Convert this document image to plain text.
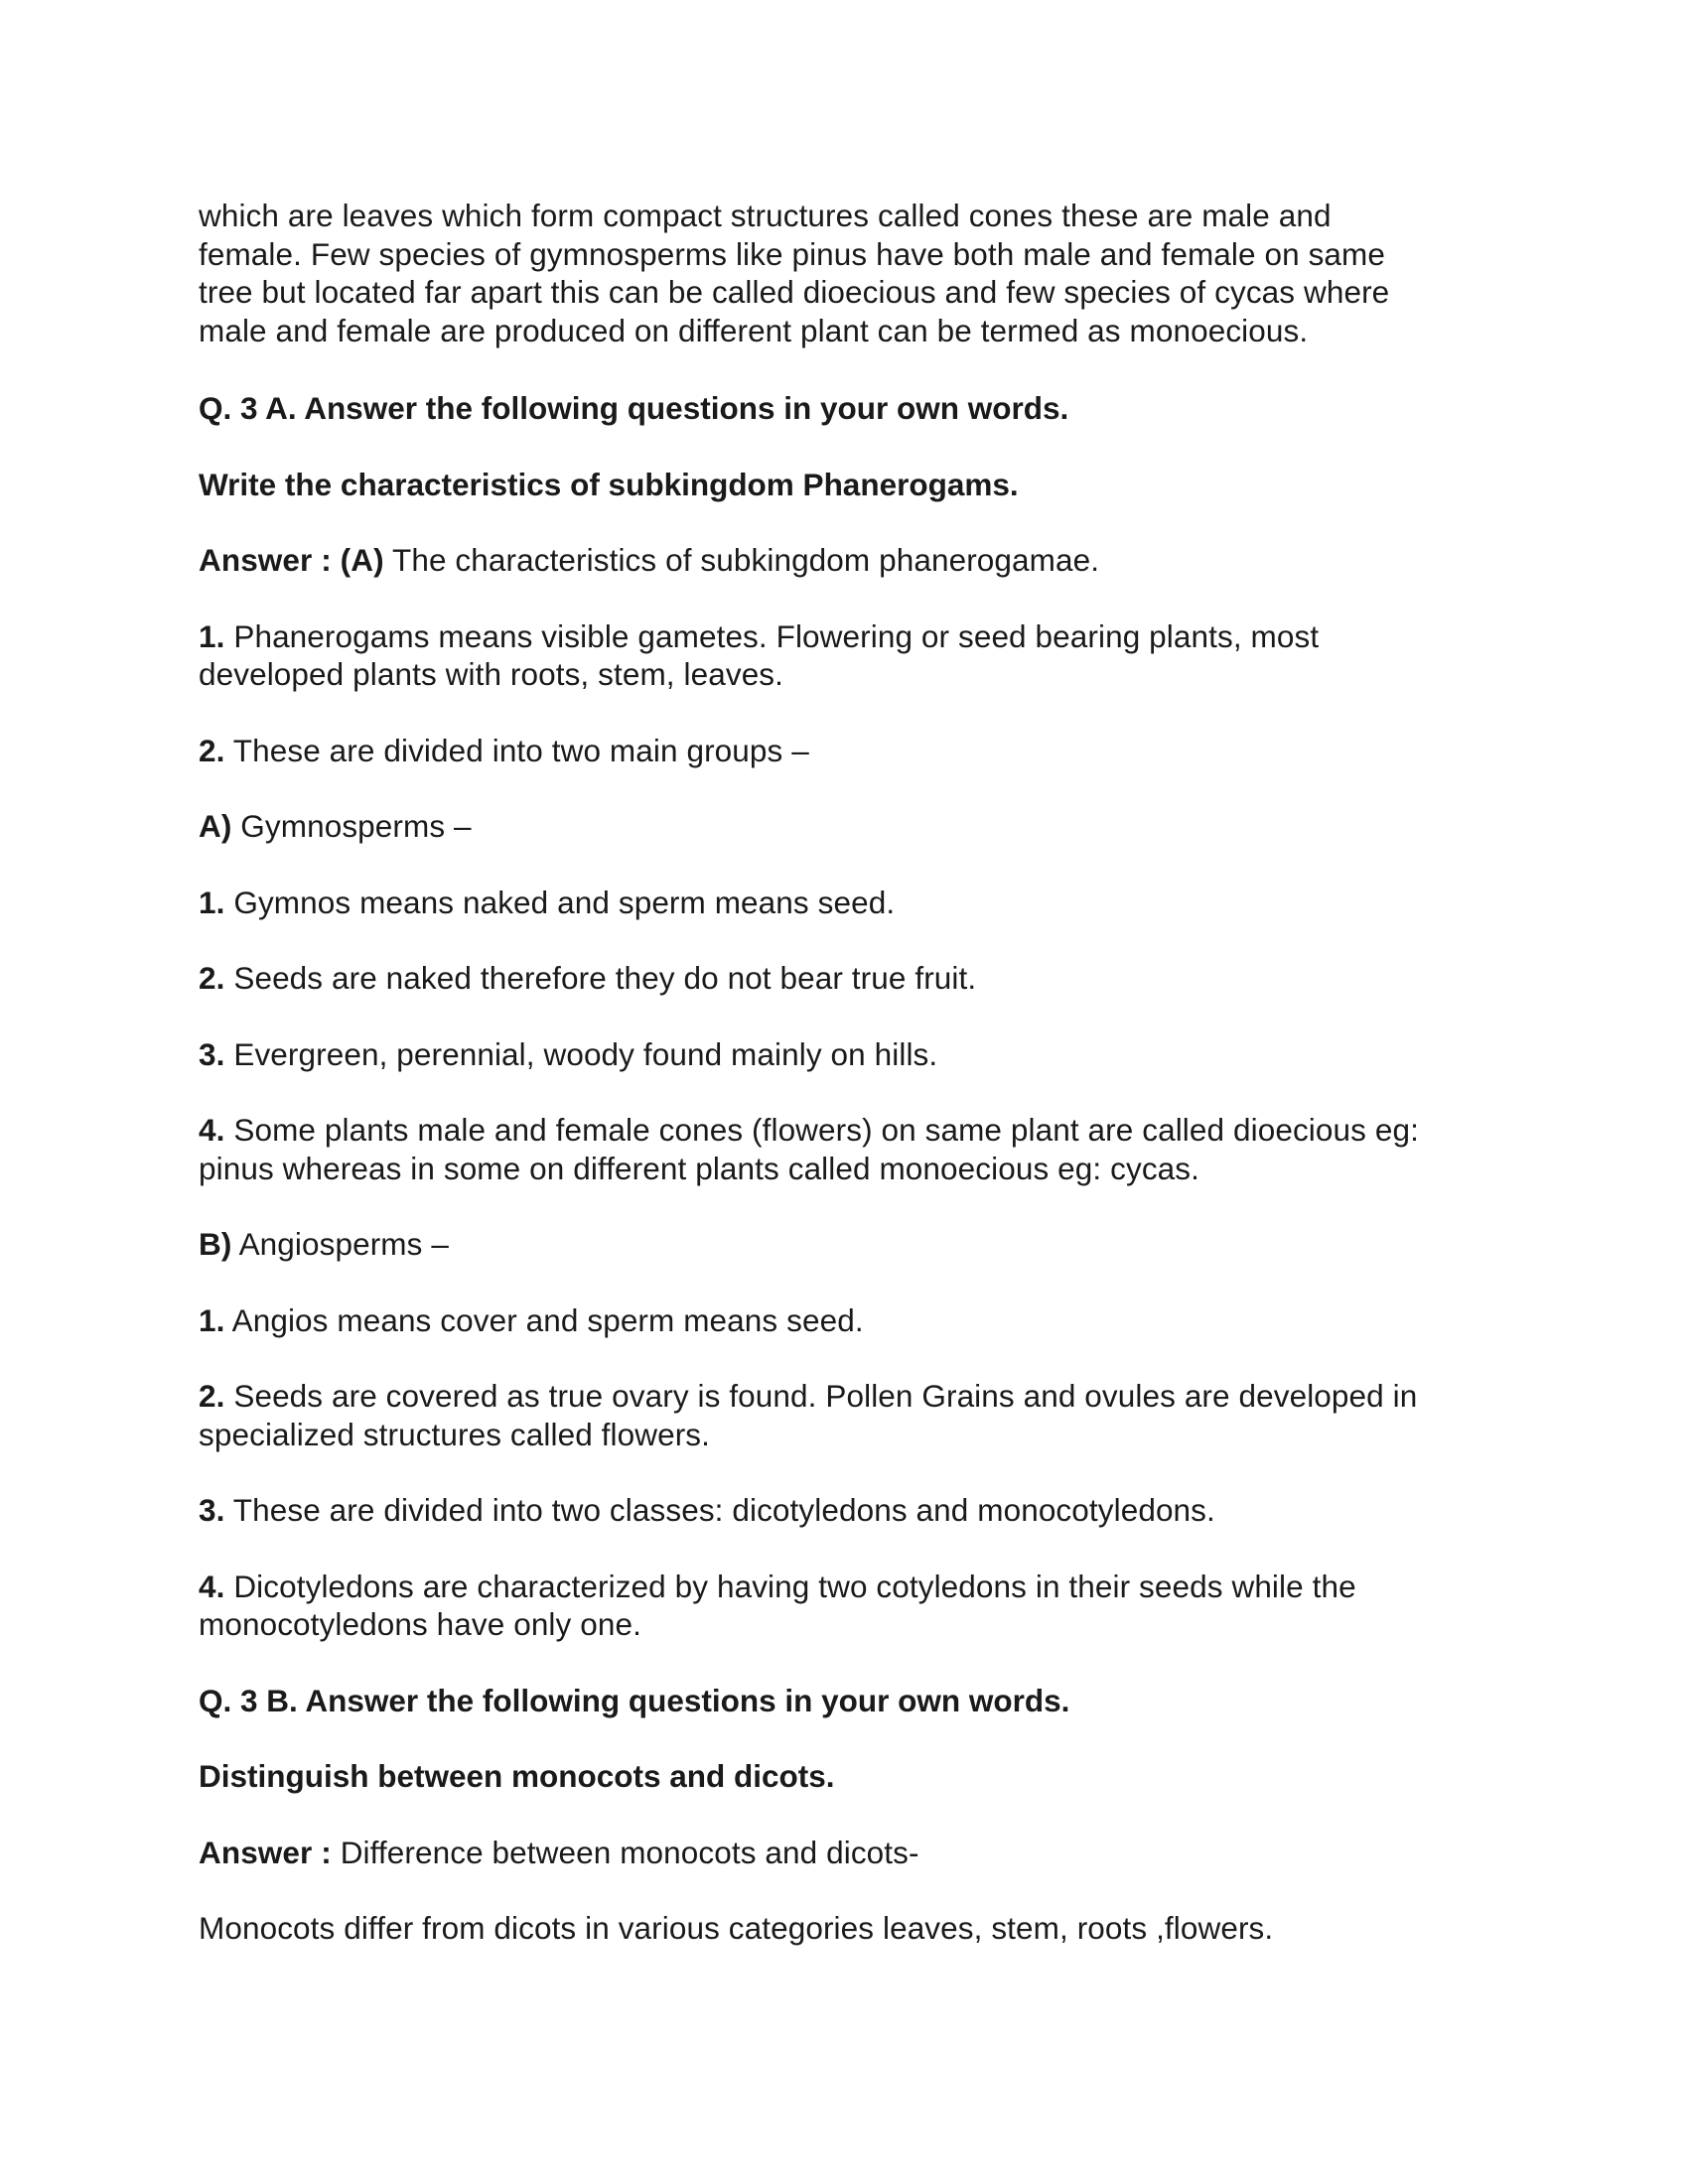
which are leaves which form compact structures called cones these are male and
female. Few species of gymnosperms like pinus have both male and female on same
tree but located far apart this can be called dioecious and few species of cycas where
male and female are produced on different plant can be termed as monoecious.

Q. 3 A. Answer the following questions in your own words.

Write the characteristics of subkingdom Phanerogams.

Answer : (A) The characteristics of subkingdom phanerogamae.

1. Phanerogams means visible gametes. Flowering or seed bearing plants, most
developed plants with roots, stem, leaves.

2. These are divided into two main groups –

A) Gymnosperms –

1. Gymnos means naked and sperm means seed.

2. Seeds are naked therefore they do not bear true fruit.

3. Evergreen, perennial, woody found mainly on hills.

4. Some plants male and female cones (flowers) on same plant are called dioecious eg:
pinus whereas in some on different plants called monoecious eg: cycas.

B) Angiosperms –

1. Angios means cover and sperm means seed.

2. Seeds are covered as true ovary is found. Pollen Grains and ovules are developed in
specialized structures called flowers.

3. These are divided into two classes: dicotyledons and monocotyledons.

4. Dicotyledons are characterized by having two cotyledons in their seeds while the
monocotyledons have only one.

Q. 3 B. Answer the following questions in your own words.

Distinguish between monocots and dicots.

Answer : Difference between monocots and dicots-

Monocots differ from dicots in various categories leaves, stem, roots ,flowers.
